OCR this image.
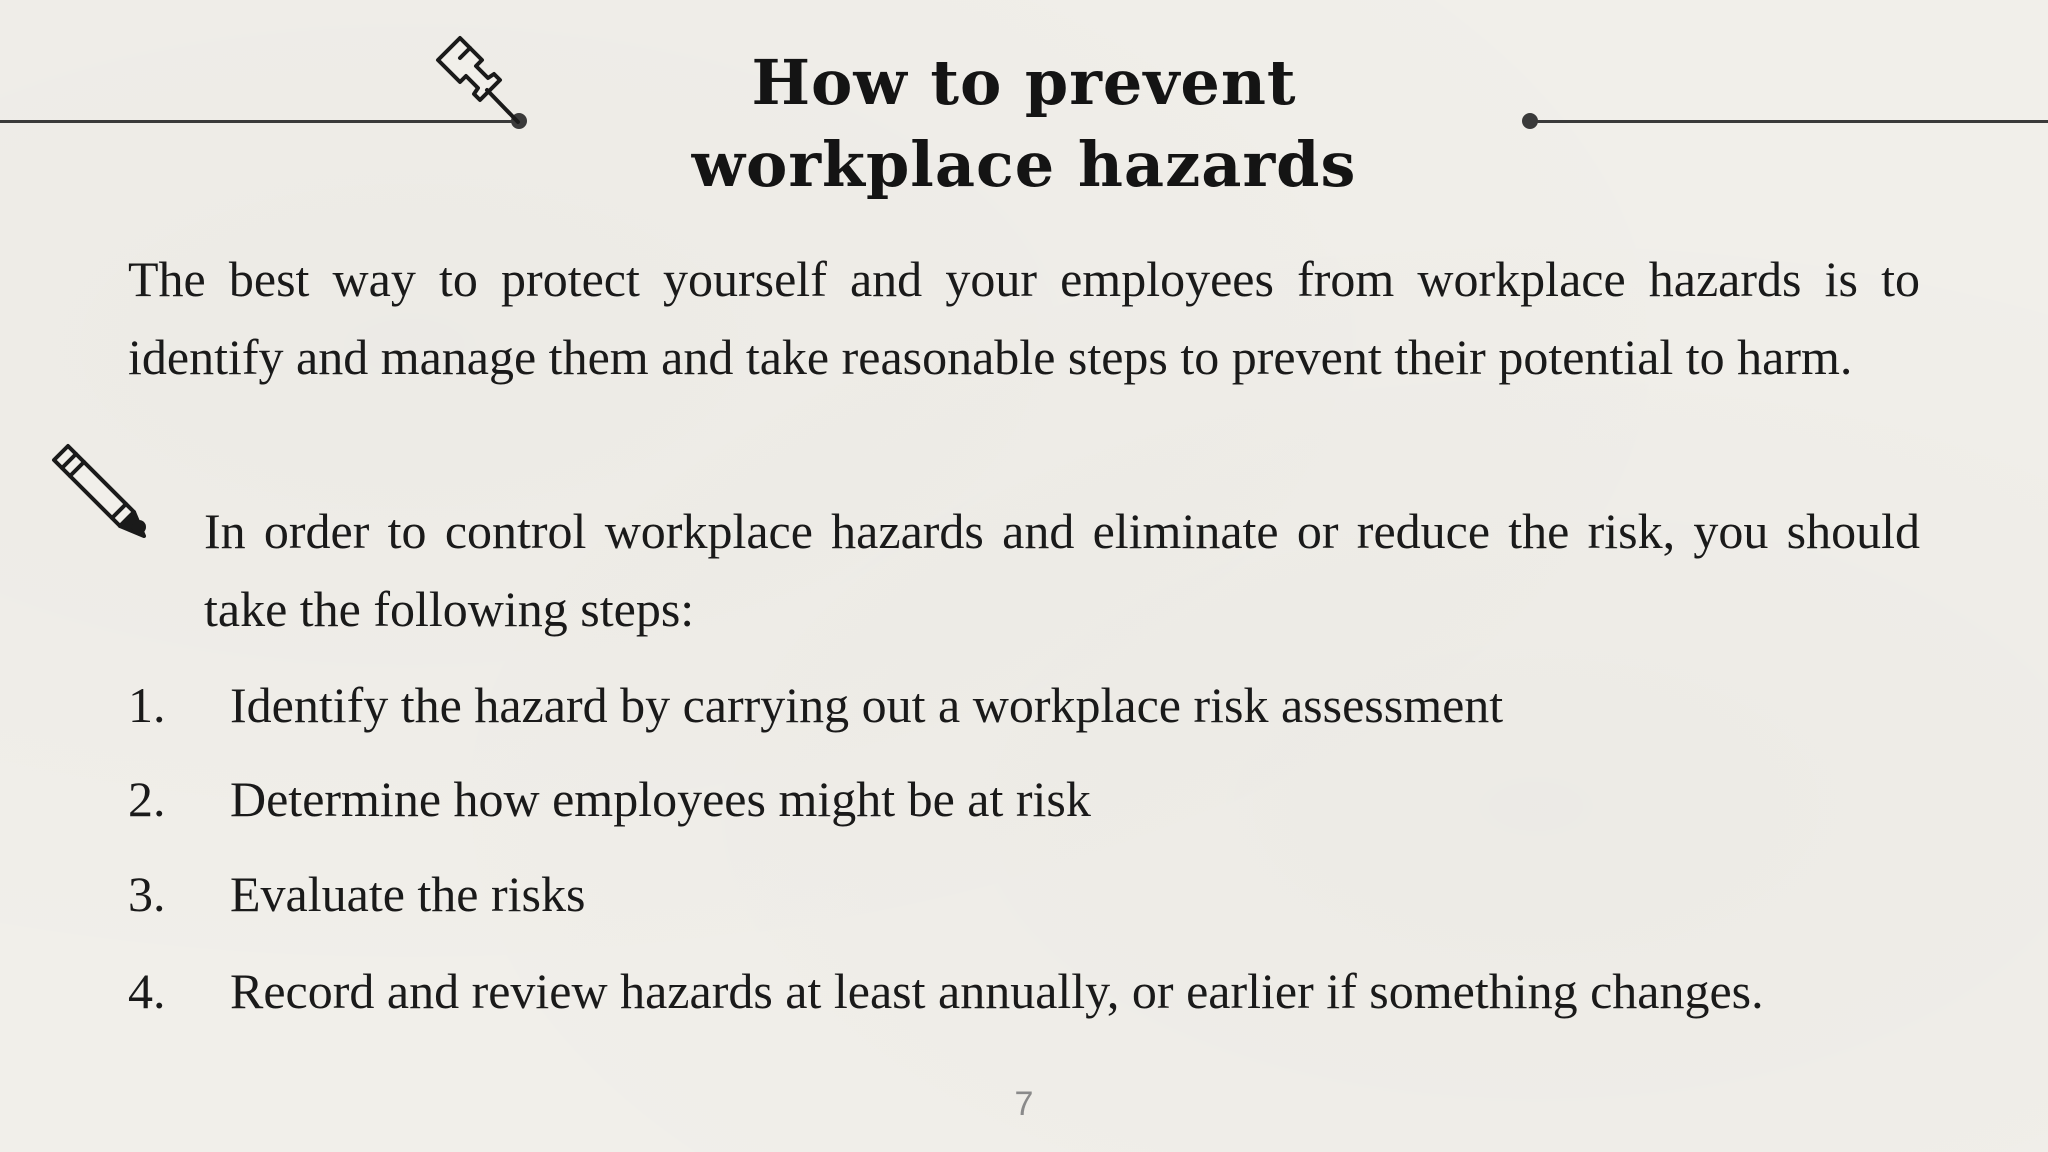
How to prevent
workplace hazards
The best way to protect yourself and your employees from workplace hazards is to identify and manage them and take reasonable steps to prevent their potential to harm.
In order to control workplace hazards and eliminate or reduce the risk, you should take the following steps:
1.	Identify the hazard by carrying out a workplace risk assessment
2.	Determine how employees might be at risk
3.	Evaluate the risks
4.	Record and review hazards at least annually, or earlier if something changes.
7
